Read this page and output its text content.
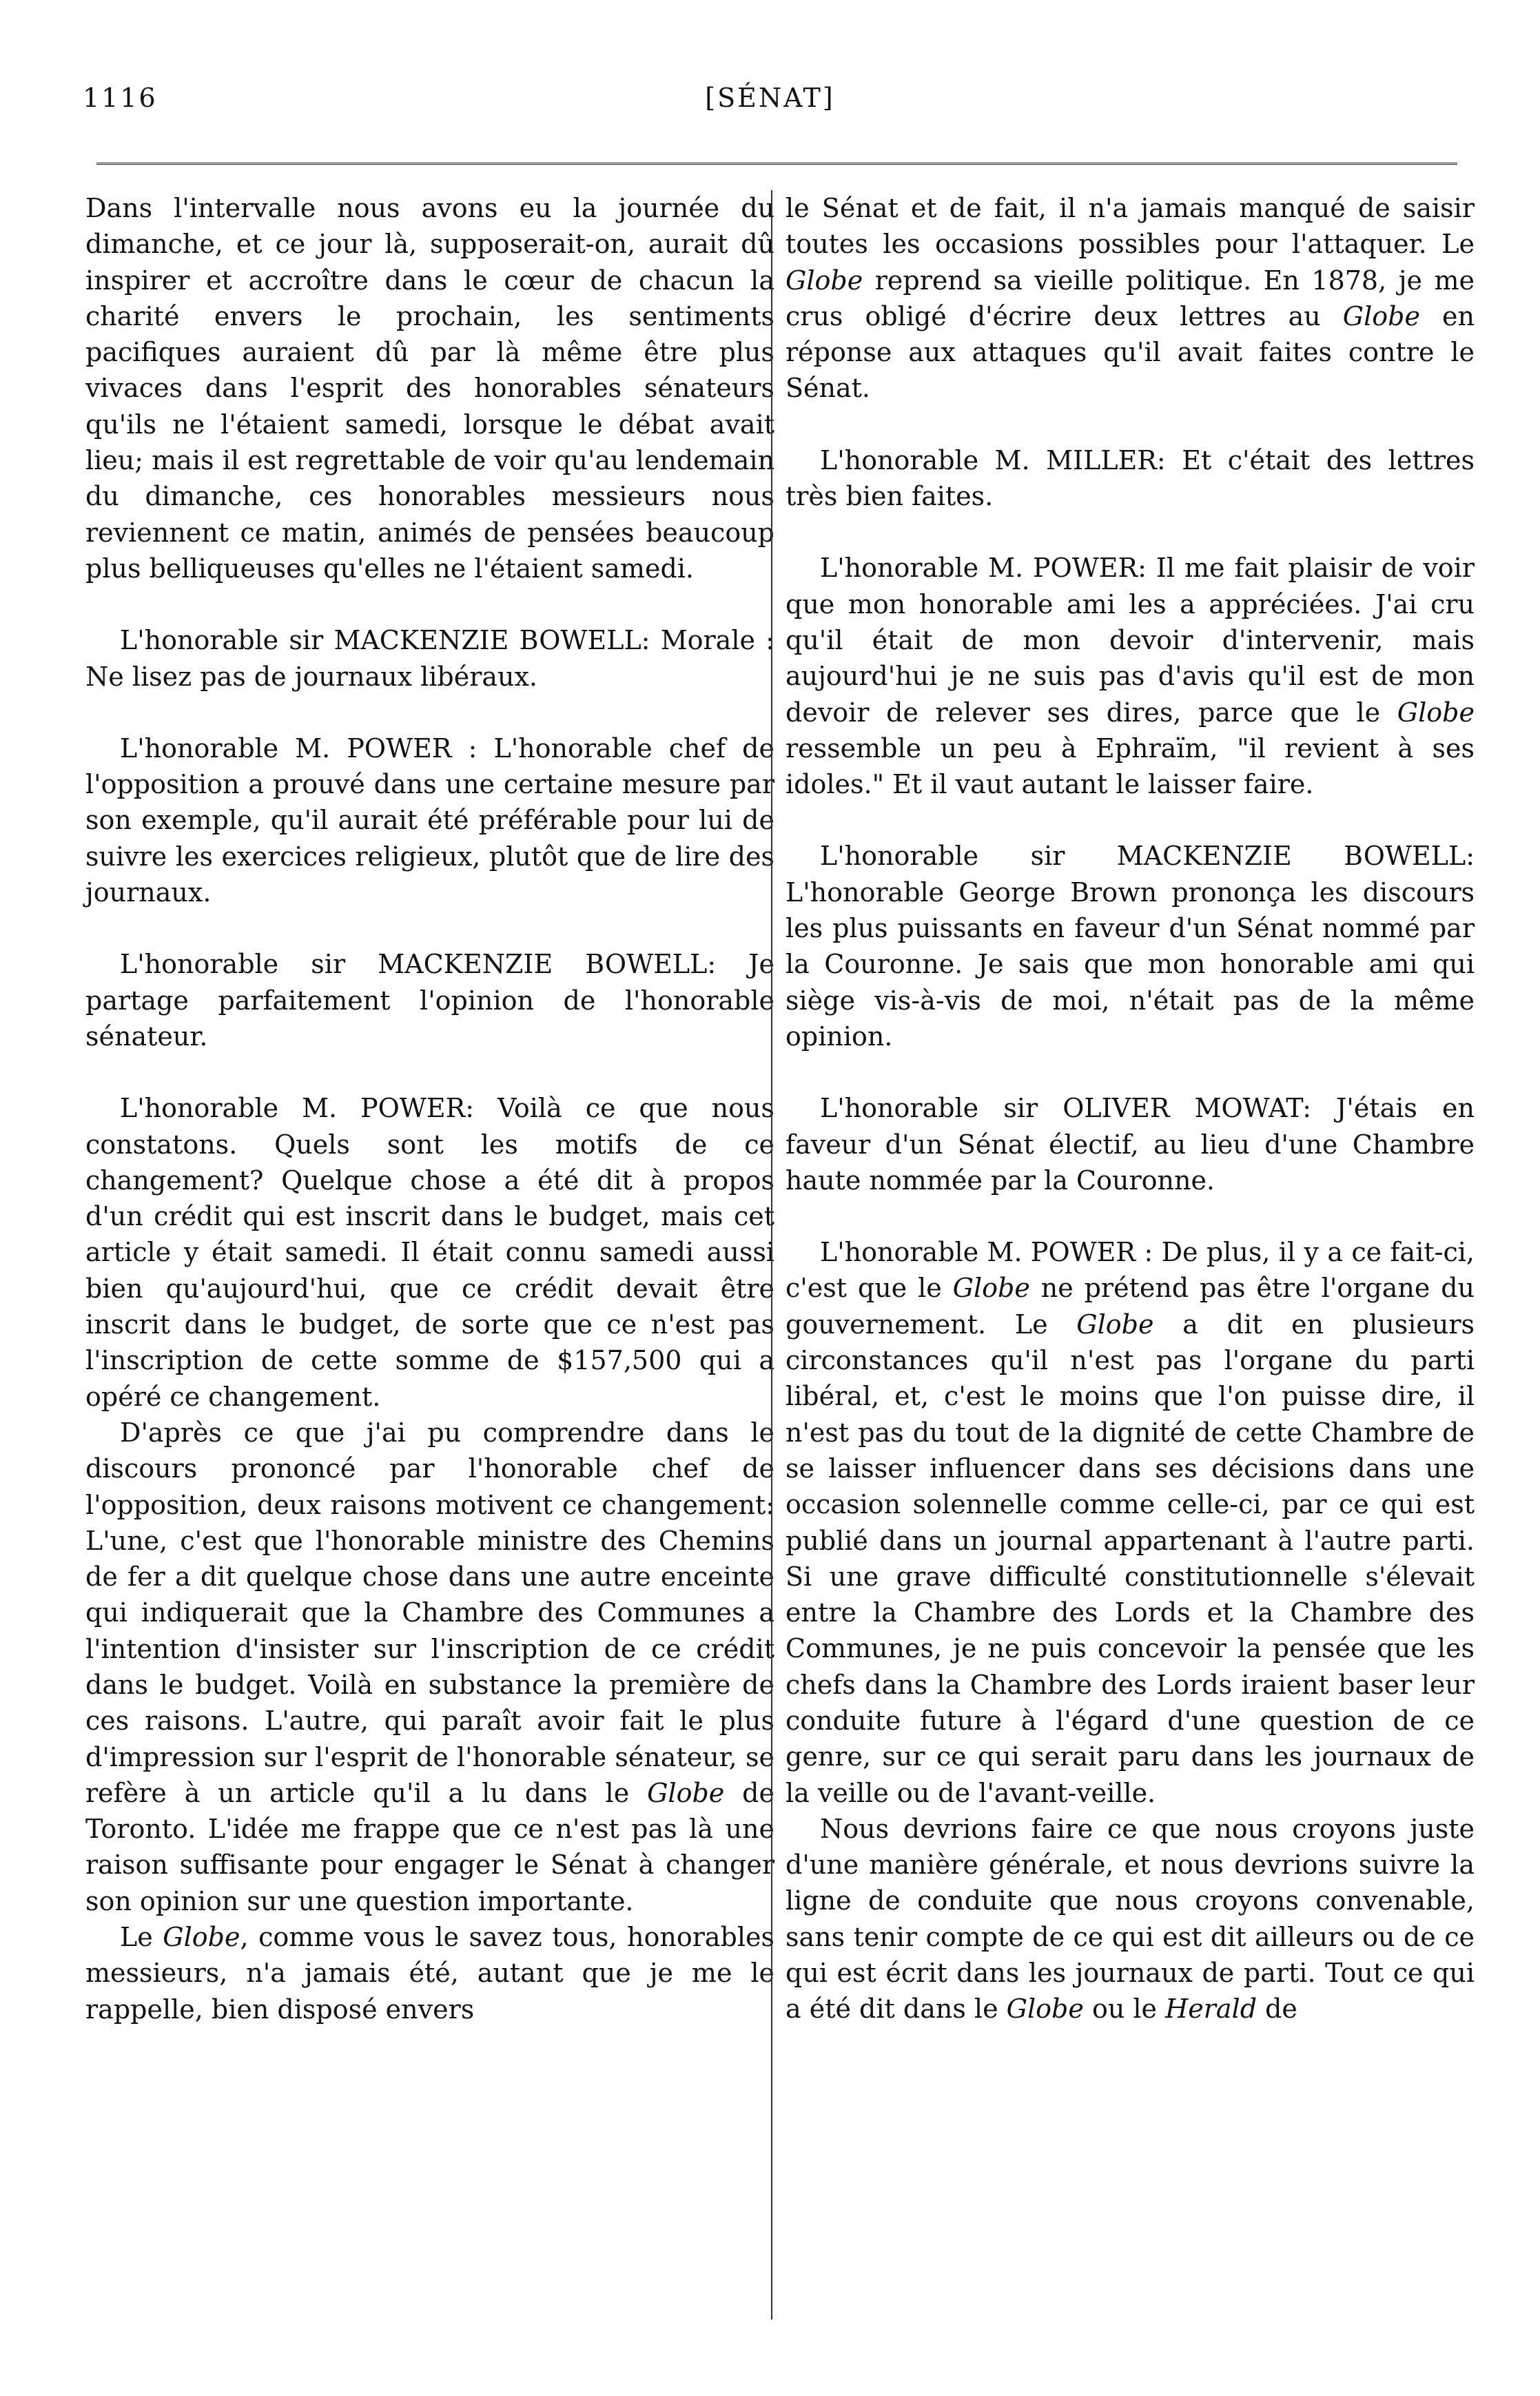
1116	[SÉNAT]

Dans l'intervalle nous avons eu la journée du dimanche, et ce jour là, supposerait-on, aurait dû inspirer et accroître dans le cœur de chacun la charité envers le prochain, les sentiments pacifiques auraient dû par là même être plus vivaces dans l'esprit des honorables sénateurs qu'ils ne l'étaient samedi, lorsque le débat avait lieu; mais il est regrettable de voir qu'au lendemain du dimanche, ces honorables messieurs nous reviennent ce matin, animés de pensées beaucoup plus belliqueuses qu'elles ne l'étaient samedi.

L'honorable sir MACKENZIE BOWELL: Morale : Ne lisez pas de journaux libéraux.

L'honorable M. POWER : L'honorable chef de l'opposition a prouvé dans une certaine mesure par son exemple, qu'il aurait été préférable pour lui de suivre les exercices religieux, plutôt que de lire des journaux.

L'honorable sir MACKENZIE BOWELL: Je partage parfaitement l'opinion de l'honorable sénateur.

L'honorable M. POWER: Voilà ce que nous constatons. Quels sont les motifs de ce changement? Quelque chose a été dit à propos d'un crédit qui est inscrit dans le budget, mais cet article y était samedi. Il était connu samedi aussi bien qu'aujourd'hui, que ce crédit devait être inscrit dans le budget, de sorte que ce n'est pas l'inscription de cette somme de $157,500 qui a opéré ce changement.

D'après ce que j'ai pu comprendre dans le discours prononcé par l'honorable chef de l'opposition, deux raisons motivent ce changement: L'une, c'est que l'honorable ministre des Chemins de fer a dit quelque chose dans une autre enceinte qui indiquerait que la Chambre des Communes a l'intention d'insister sur l'inscription de ce crédit dans le budget. Voilà en substance la première de ces raisons. L'autre, qui paraît avoir fait le plus d'impression sur l'esprit de l'honorable sénateur, se refère à un article qu'il a lu dans le Globe de Toronto. L'idée me frappe que ce n'est pas là une raison suffisante pour engager le Sénat à changer son opinion sur une question importante.

Le Globe, comme vous le savez tous, honorables messieurs, n'a jamais été, autant que je me le rappelle, bien disposé envers

le Sénat et de fait, il n'a jamais manqué de saisir toutes les occasions possibles pour l'attaquer. Le Globe reprend sa vieille politique. En 1878, je me crus obligé d'écrire deux lettres au Globe en réponse aux attaques qu'il avait faites contre le Sénat.

L'honorable M. MILLER: Et c'était des lettres très bien faites.

L'honorable M. POWER: Il me fait plaisir de voir que mon honorable ami les a appréciées. J'ai cru qu'il était de mon devoir d'intervenir, mais aujourd'hui je ne suis pas d'avis qu'il est de mon devoir de relever ses dires, parce que le Globe ressemble un peu à Ephraïm, "il revient à ses idoles." Et il vaut autant le laisser faire.

L'honorable sir MACKENZIE BOWELL: L'honorable George Brown prononça les discours les plus puissants en faveur d'un Sénat nommé par la Couronne. Je sais que mon honorable ami qui siège vis-à-vis de moi, n'était pas de la même opinion.

L'honorable sir OLIVER MOWAT: J'étais en faveur d'un Sénat électif, au lieu d'une Chambre haute nommée par la Couronne.

L'honorable M. POWER : De plus, il y a ce fait-ci, c'est que le Globe ne prétend pas être l'organe du gouvernement. Le Globe a dit en plusieurs circonstances qu'il n'est pas l'organe du parti libéral, et, c'est le moins que l'on puisse dire, il n'est pas du tout de la dignité de cette Chambre de se laisser influencer dans ses décisions dans une occasion solennelle comme celle-ci, par ce qui est publié dans un journal appartenant à l'autre parti. Si une grave difficulté constitutionnelle s'élevait entre la Chambre des Lords et la Chambre des Communes, je ne puis concevoir la pensée que les chefs dans la Chambre des Lords iraient baser leur conduite future à l'égard d'une question de ce genre, sur ce qui serait paru dans les journaux de la veille ou de l'avant-veille.

Nous devrions faire ce que nous croyons juste d'une manière générale, et nous devrions suivre la ligne de conduite que nous croyons convenable, sans tenir compte de ce qui est dit ailleurs ou de ce qui est écrit dans les journaux de parti. Tout ce qui a été dit dans le Globe ou le Herald de
